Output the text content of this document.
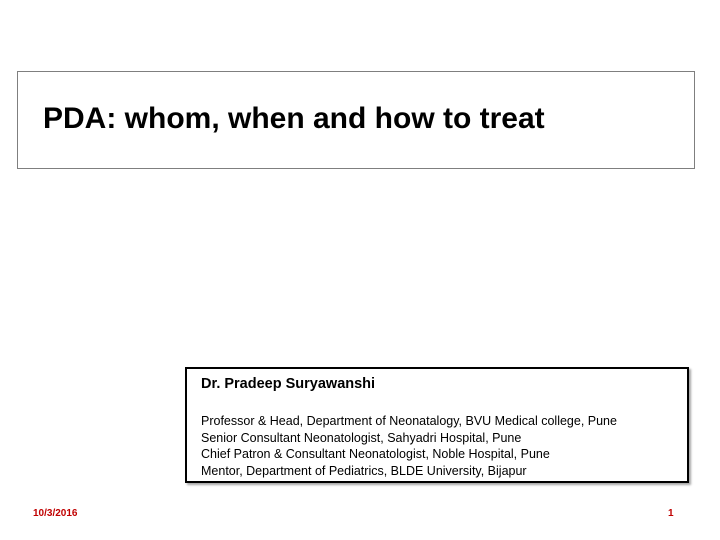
PDA: whom, when and how to treat
Dr. Pradeep Suryawanshi
Professor & Head, Department of Neonatalogy, BVU Medical college, Pune
Senior Consultant Neonatologist, Sahyadri Hospital, Pune
Chief Patron & Consultant Neonatologist, Noble Hospital, Pune
Mentor, Department of Pediatrics, BLDE University, Bijapur
10/3/2016	1
